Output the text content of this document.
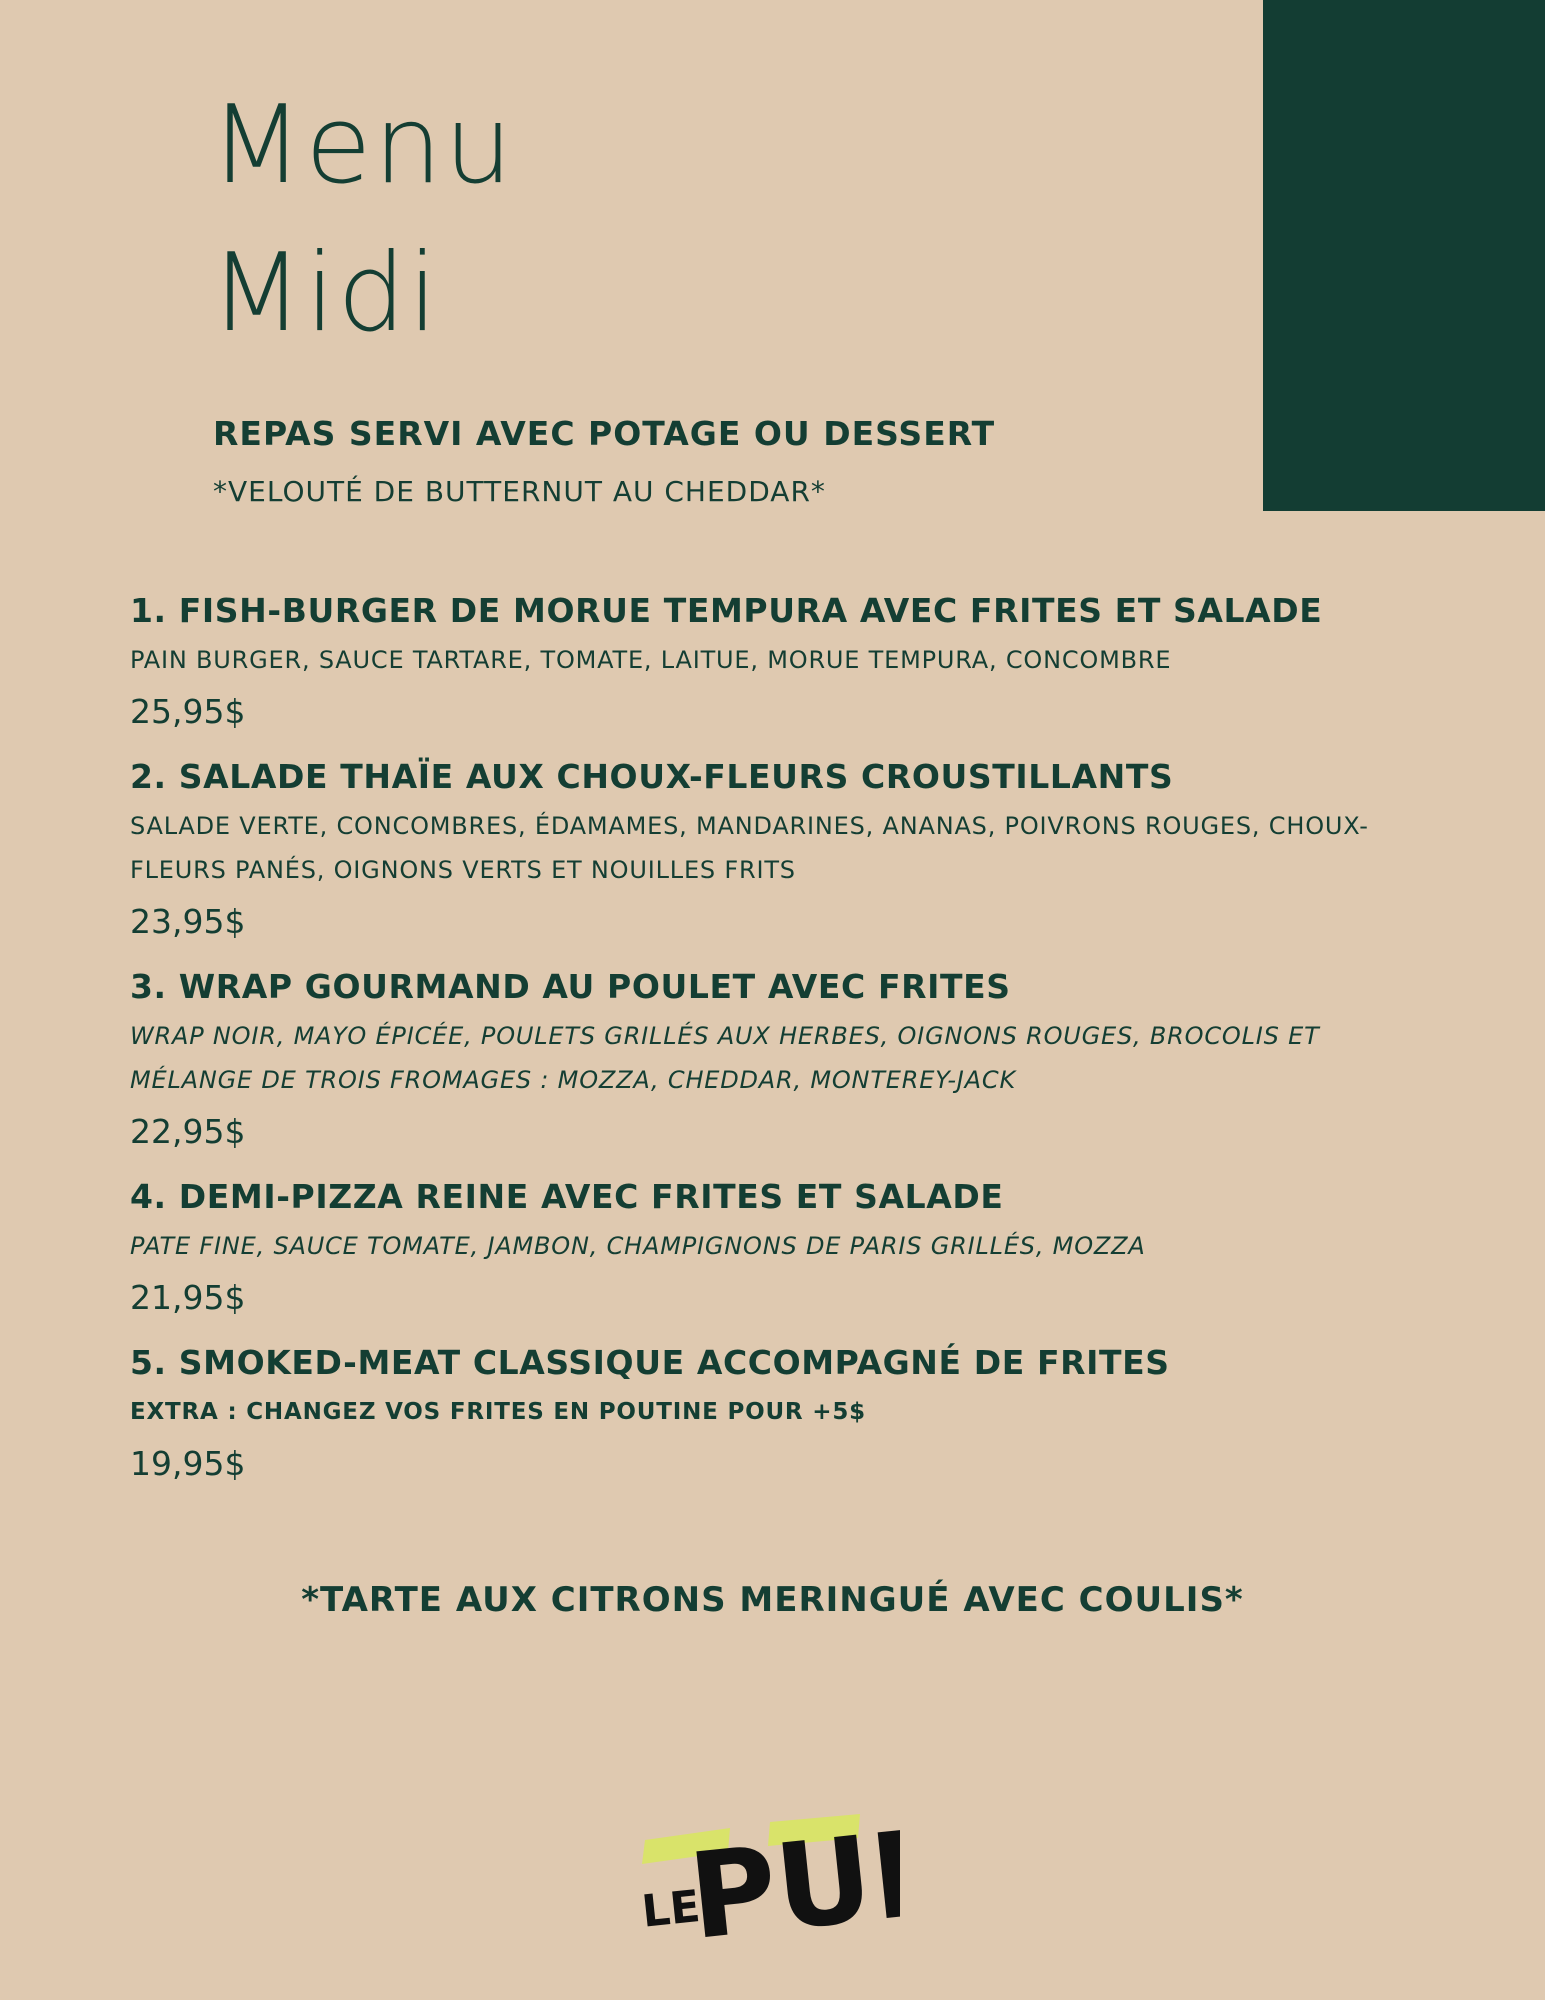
Menu
Midi

REPAS SERVI AVEC POTAGE OU DESSERT

*VELOUTÉ DE BUTTERNUT AU CHEDDAR*

1. FISH-BURGER DE MORUE TEMPURA AVEC FRITES ET SALADE

PAIN BURGER, SAUCE TARTARE, TOMATE, LAITUE, MORUE TEMPURA, CONCOMBRE

25,95$

2. SALADE THAÏE AUX CHOUX-FLEURS CROUSTILLANTS

SALADE VERTE, CONCOMBRES, ÉDAMAMES, MANDARINES, ANANAS, POIVRONS ROUGES, CHOUX-FLEURS PANÉS, OIGNONS VERTS ET NOUILLES FRITS

23,95$

3. WRAP GOURMAND AU POULET AVEC FRITES

WRAP NOIR, MAYO ÉPICÉE, POULETS GRILLÉS AUX HERBES, OIGNONS ROUGES, BROCOLIS ET MÉLANGE DE TROIS FROMAGES : MOZZA, CHEDDAR, MONTEREY-JACK

22,95$

4. DEMI-PIZZA REINE AVEC FRITES ET SALADE

PATE FINE, SAUCE TOMATE, JAMBON, CHAMPIGNONS DE PARIS GRILLÉS, MOZZA

21,95$

5. SMOKED-MEAT CLASSIQUE ACCOMPAGNÉ DE FRITES

EXTRA : CHANGEZ VOS FRITES EN POUTINE POUR +5$

19,95$

*TARTE AUX CITRONS MERINGUÉ AVEC COULIS*
LE
PUB
